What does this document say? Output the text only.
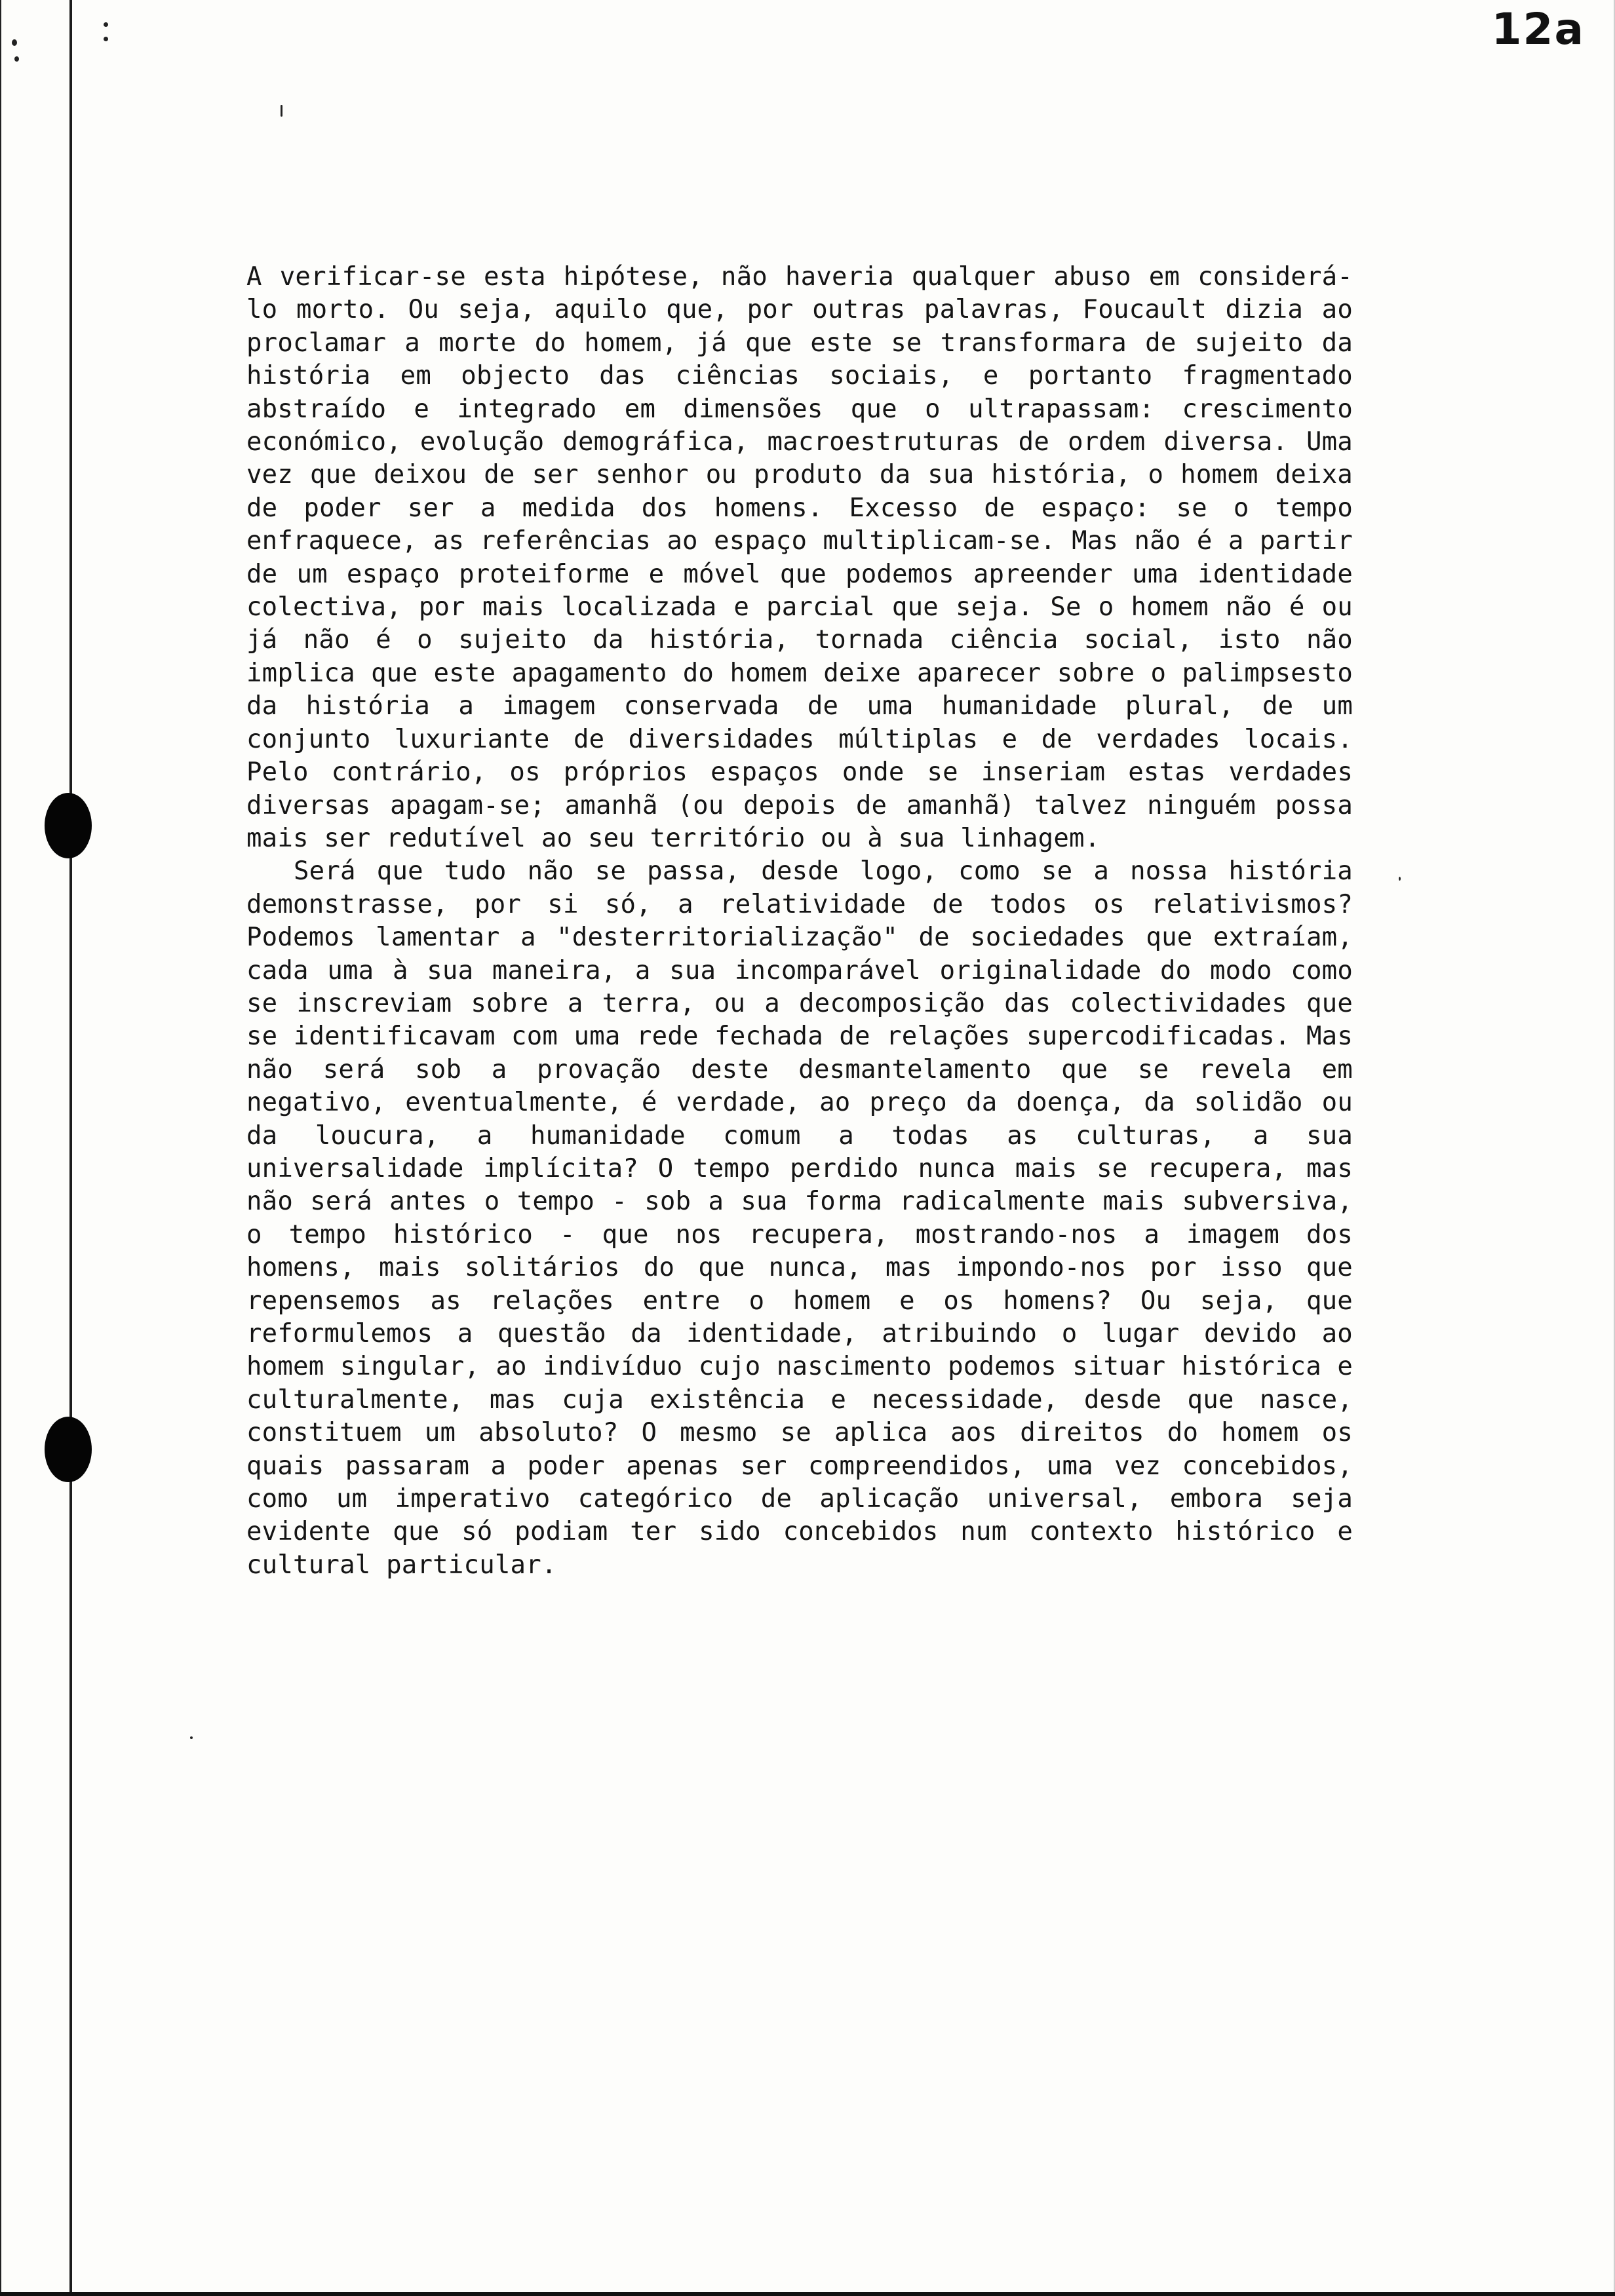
12a

A verificar-se esta hipótese, não haveria qualquer abuso em considerá-lo morto. Ou seja, aquilo que, por outras palavras, Foucault dizia ao proclamar a morte do homem, já que este se transformara de sujeito da história em objecto das ciências sociais, e portanto fragmentado abstraído e integrado em dimensões que o ultrapassam: crescimento económico, evolução demográfica, macroestruturas de ordem diversa. Uma vez que deixou de ser senhor ou produto da sua história, o homem deixa de poder ser a medida dos homens. Excesso de espaço: se o tempo enfraquece, as referências ao espaço multiplicam-se. Mas não é a partir de um espaço proteiforme e móvel que podemos apreender uma identidade colectiva, por mais localizada e parcial que seja. Se o homem não é ou já não é o sujeito da história, tornada ciência social, isto não implica que este apagamento do homem deixe aparecer sobre o palimpsesto da história a imagem conservada de uma humanidade plural, de um conjunto luxuriante de diversidades múltiplas e de verdades locais. Pelo contrário, os próprios espaços onde se inseriam estas verdades diversas apagam-se; amanhã (ou depois de amanhã) talvez ninguém possa mais ser redutível ao seu território ou à sua linhagem.

Será que tudo não se passa, desde logo, como se a nossa história demonstrasse, por si só, a relatividade de todos os relativismos? Podemos lamentar a "desterritorialização" de sociedades que extraíam, cada uma à sua maneira, a sua incomparável originalidade do modo como se inscreviam sobre a terra, ou a decomposição das colectividades que se identificavam com uma rede fechada de relações supercodificadas. Mas não será sob a provação deste desmantelamento que se revela em negativo, eventualmente, é verdade, ao preço da doença, da solidão ou da loucura, a humanidade comum a todas as culturas, a sua universalidade implícita? O tempo perdido nunca mais se recupera, mas não será antes o tempo - sob a sua forma radicalmente mais subversiva, o tempo histórico - que nos recupera, mostrando-nos a imagem dos homens, mais solitários do que nunca, mas impondo-nos por isso que repensemos as relações entre o homem e os homens? Ou seja, que reformulemos a questão da identidade, atribuindo o lugar devido ao homem singular, ao indivíduo cujo nascimento podemos situar histórica e culturalmente, mas cuja existência e necessidade, desde que nasce, constituem um absoluto? O mesmo se aplica aos direitos do homem os quais passaram a poder apenas ser compreendidos, uma vez concebidos, como um imperativo categórico de aplicação universal, embora seja evidente que só podiam ter sido concebidos num contexto histórico e cultural particular.
